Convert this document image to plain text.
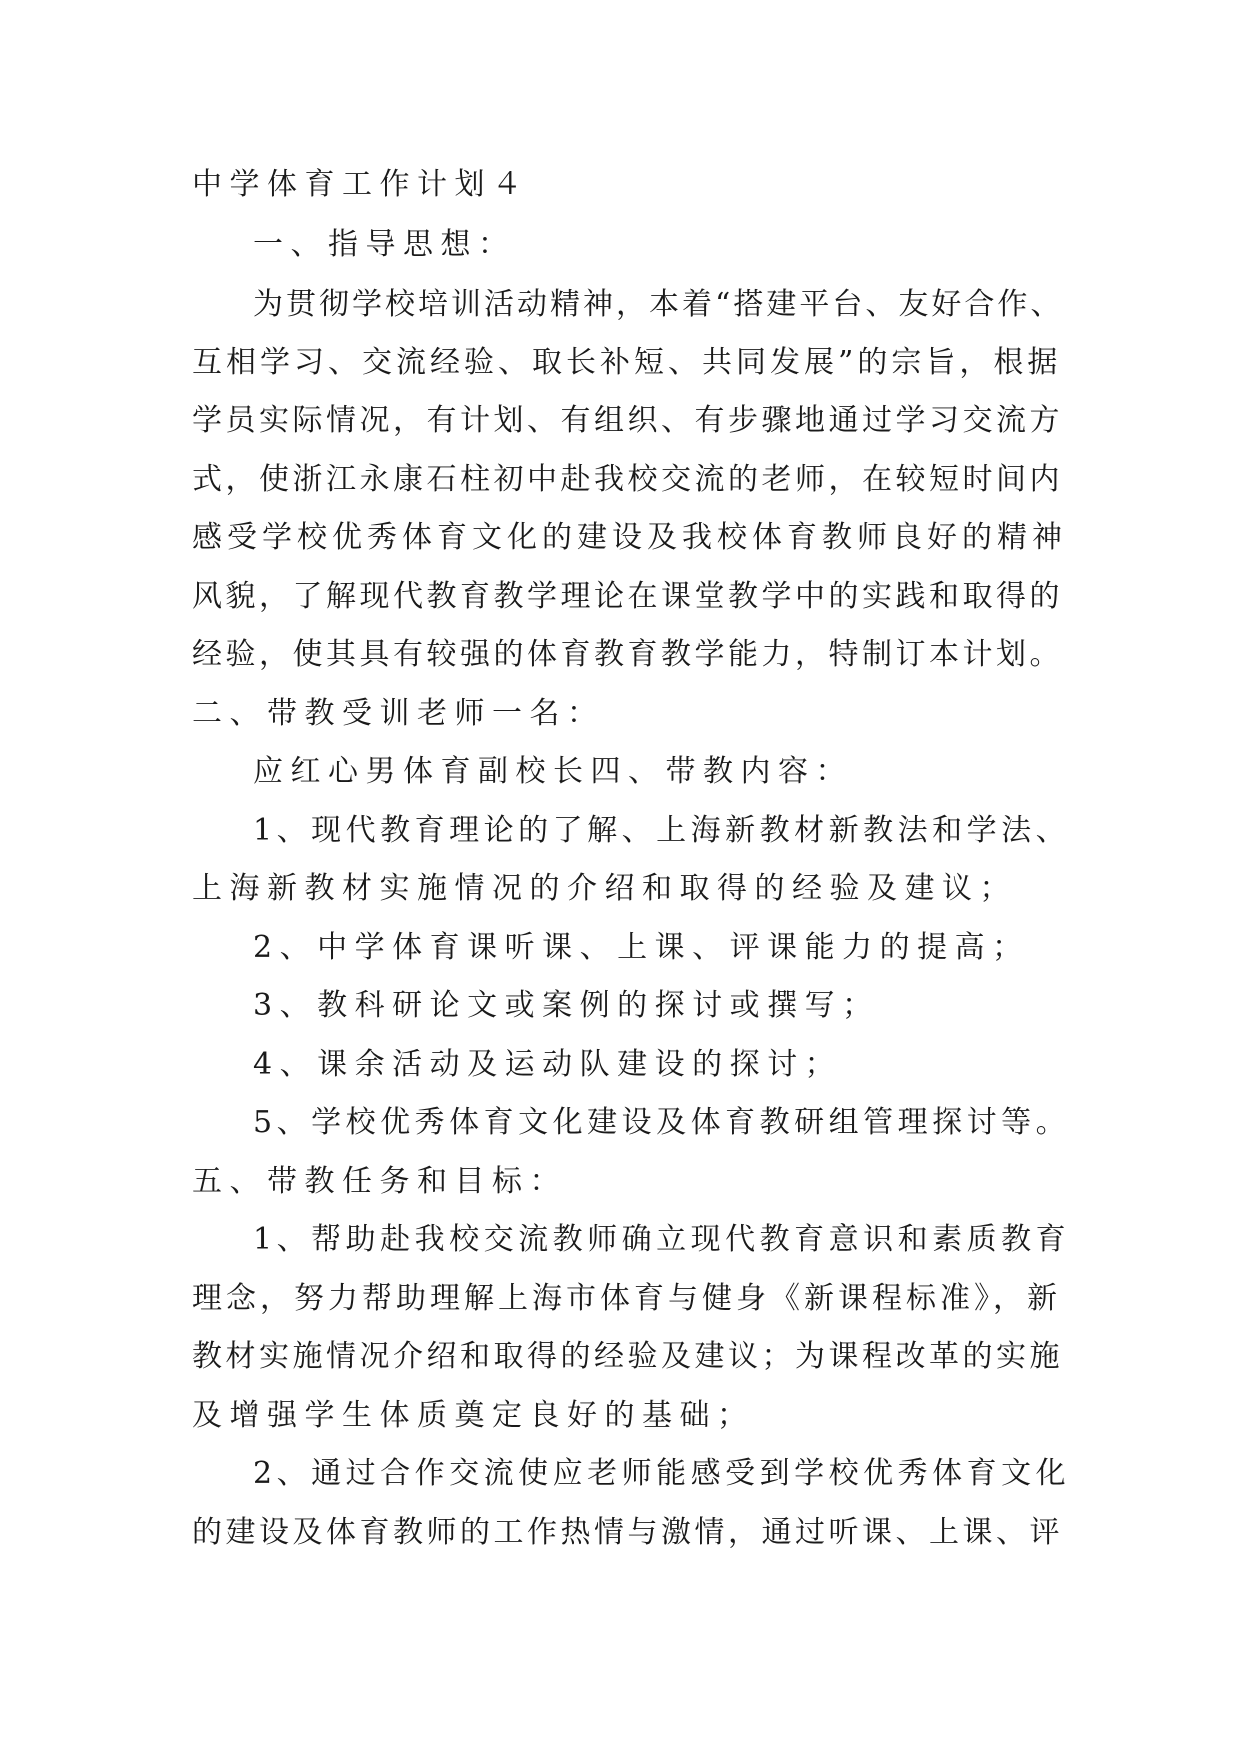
中学体育工作计划４
一、指导思想：
为贯彻学校培训活动精神，本着“搭建平台、友好合作、
互相学习、交流经验、取长补短、共同发展”的宗旨，根据
学员实际情况，有计划、有组织、有步骤地通过学习交流方
式，使浙江永康石柱初中赴我校交流的老师，在较短时间内
感受学校优秀体育文化的建设及我校体育教师良好的精神
风貌，了解现代教育教学理论在课堂教学中的实践和取得的
经验，使其具有较强的体育教育教学能力，特制订本计划。
二、带教受训老师一名：
应红心男体育副校长四、带教内容：
1、现代教育理论的了解、上海新教材新教法和学法、
上海新教材实施情况的介绍和取得的经验及建议；
2、中学体育课听课、上课、评课能力的提高；
3、教科研论文或案例的探讨或撰写；
4、课余活动及运动队建设的探讨；
5、学校优秀体育文化建设及体育教研组管理探讨等。
五、带教任务和目标：
1、帮助赴我校交流教师确立现代教育意识和素质教育
理念，努力帮助理解上海市体育与健身《新课程标准》，新
教材实施情况介绍和取得的经验及建议；为课程改革的实施
及增强学生体质奠定良好的基础；
2、通过合作交流使应老师能感受到学校优秀体育文化
的建设及体育教师的工作热情与激情，通过听课、上课、评
